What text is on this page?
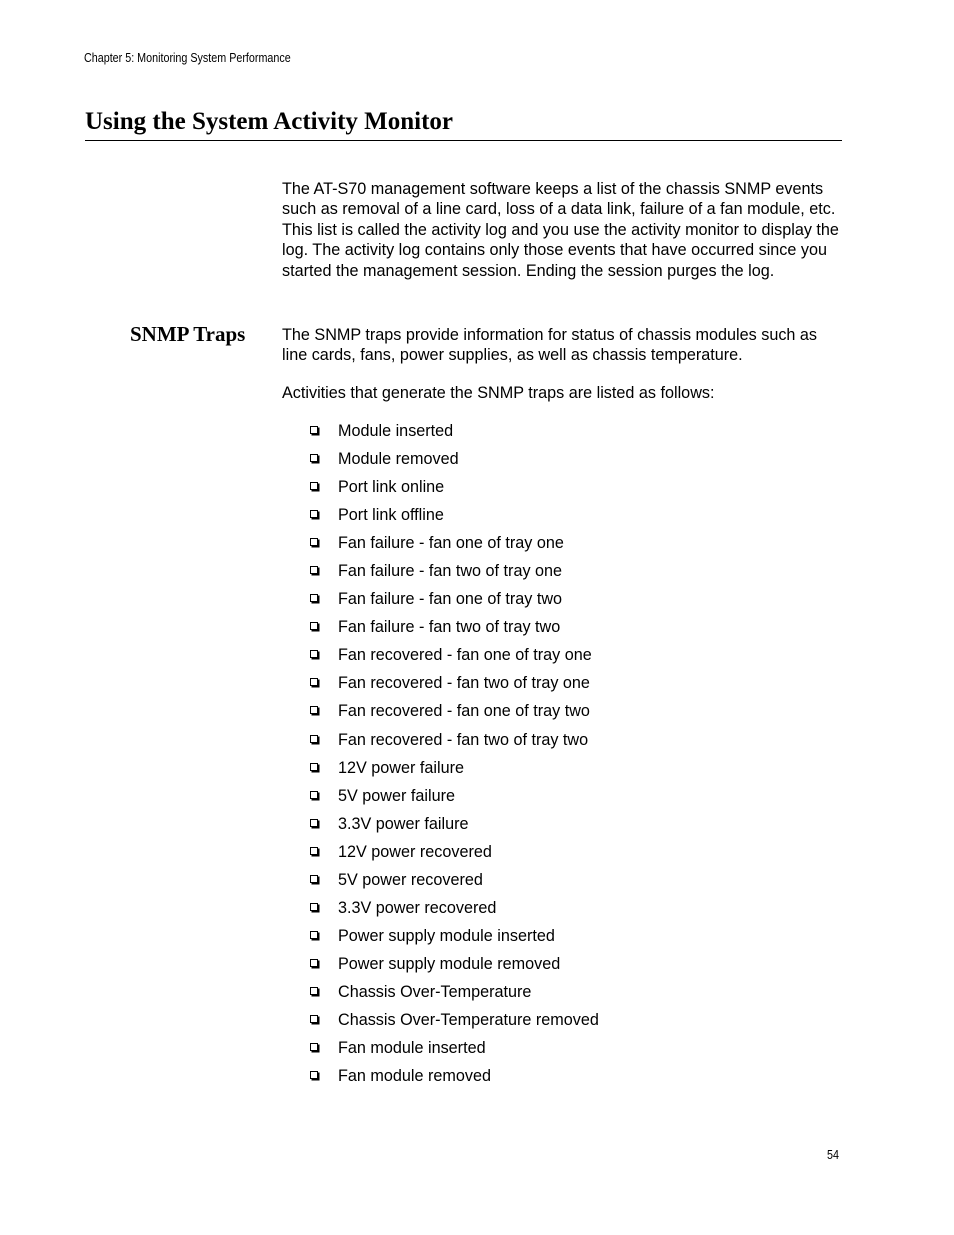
Chapter 5: Monitoring System Performance
Using the System Activity Monitor

The AT-S70 management software keeps a list of the chassis SNMP events such as removal of a line card, loss of a data link, failure of a fan module, etc. This list is called the activity log and you use the activity monitor to display the log. The activity log contains only those events that have occurred since you started the management session. Ending the session purges the log.

SNMP Traps The SNMP traps provide information for status of chassis modules such as line cards, fans, power supplies, as well as chassis temperature.

Activities that generate the SNMP traps are listed as follows:

Module inserted
Module removed
Port link online
Port link offline
Fan failure - fan one of tray one
Fan failure - fan two of tray one
Fan failure - fan one of tray two
Fan failure - fan two of tray two
Fan recovered - fan one of tray one
Fan recovered - fan two of tray one
Fan recovered - fan one of tray two
Fan recovered - fan two of tray two
12V power failure
5V power failure
3.3V power failure
12V power recovered
5V power recovered
3.3V power recovered
Power supply module inserted
Power supply module removed
Chassis Over-Temperature
Chassis Over-Temperature removed
Fan module inserted
Fan module removed
54
